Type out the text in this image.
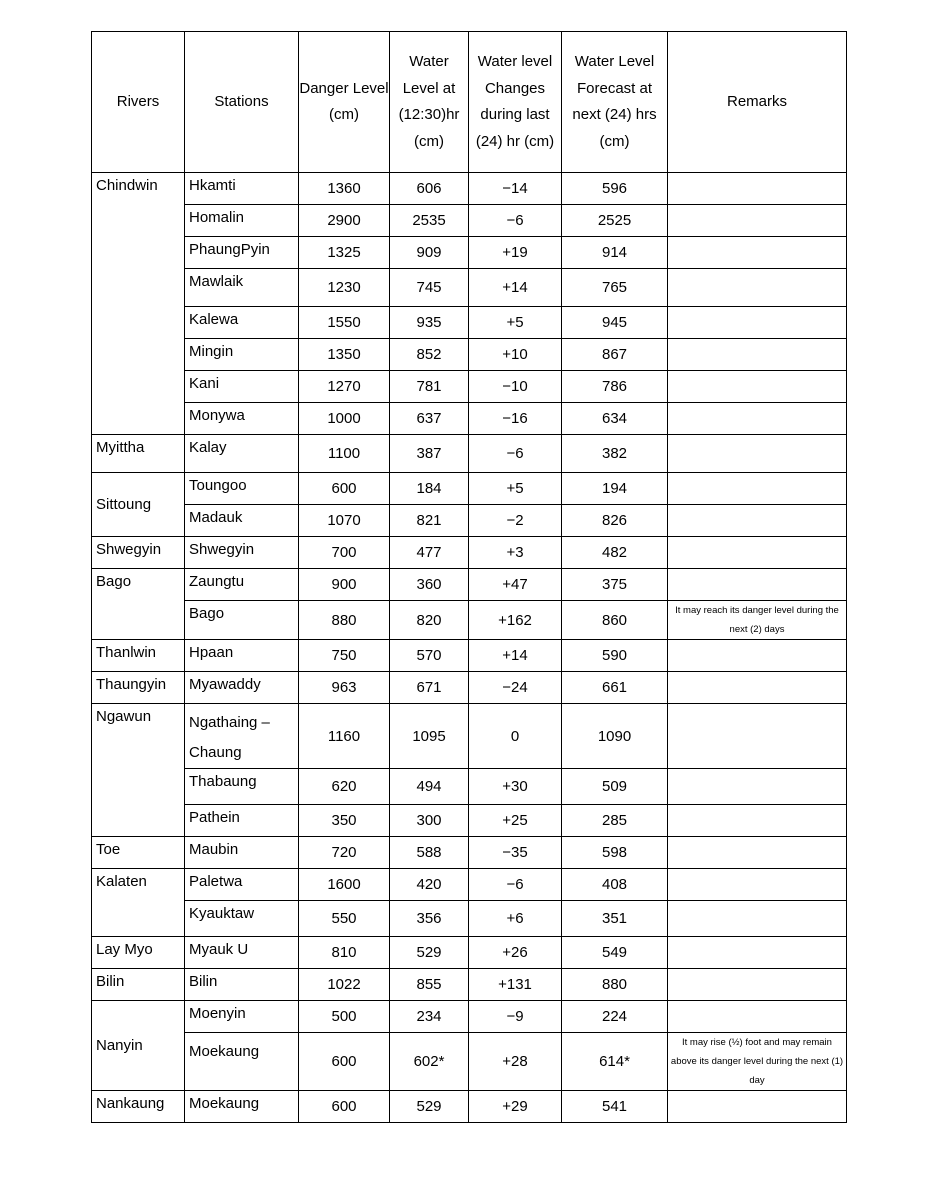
Rivers	Stations	Danger Level (cm)	Water Level at (12:30)hr (cm)	Water level Changes during last (24) hr (cm)	Water Level Forecast at next (24) hrs (cm)	Remarks
Chindwin	Hkamti	1360	606	−14	596	
	Homalin	2900	2535	−6	2525	
	PhaungPyin	1325	909	+19	914	
	Mawlaik	1230	745	+14	765	
	Kalewa	1550	935	+5	945	
	Mingin	1350	852	+10	867	
	Kani	1270	781	−10	786	
	Monywa	1000	637	−16	634	
Myittha	Kalay	1100	387	−6	382	
Sittoung	Toungoo	600	184	+5	194	
	Madauk	1070	821	−2	826	
Shwegyin	Shwegyin	700	477	+3	482	
Bago	Zaungtu	900	360	+47	375	
	Bago	880	820	+162	860	It may reach its danger level during the next (2) days
Thanlwin	Hpaan	750	570	+14	590	
Thaungyin	Myawaddy	963	671	−24	661	
Ngawun	Ngathaing – Chaung	1160	1095	0	1090	
	Thabaung	620	494	+30	509	
	Pathein	350	300	+25	285	
Toe	Maubin	720	588	−35	598	
Kalaten	Paletwa	1600	420	−6	408	
	Kyauktaw	550	356	+6	351	
Lay Myo	Myauk U	810	529	+26	549	
Bilin	Bilin	1022	855	+131	880	
Nanyin	Moenyin	500	234	−9	224	
	Moekaung	600	602*	+28	614*	It may rise (½) foot and may remain above its danger level during the next (1) day
Nankaung	Moekaung	600	529	+29	541	
